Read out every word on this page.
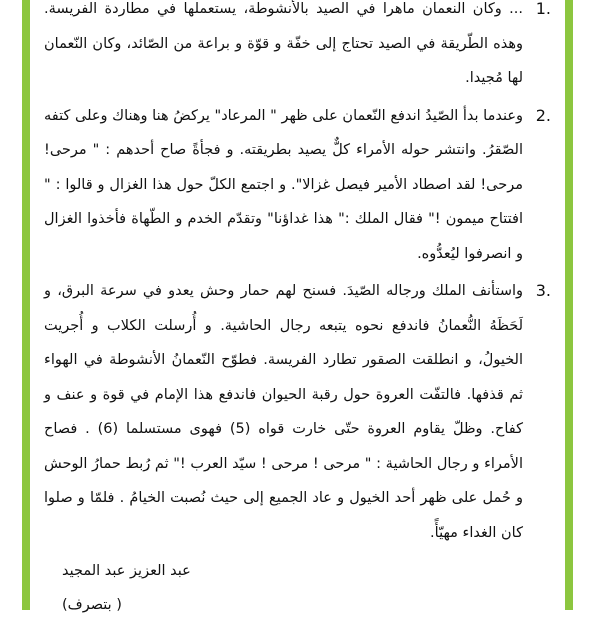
1.
... وكان النعمان ماهرا في الصيد بالأنشوطة، يستعملها في مطاردة الفريسة. وهذه الطّريقة في الصيد تحتاج إلى خفّة و قوّة و براعة من الصّائد، وكان النّعمان لها مُجيدا.

2.
وعندما بدأ الصّيدُ اندفع النّعمان على ظهر " المرعاد" يركضُ هنا وهناك وعلى كتفه الصّقرُ. وانتشر حوله الأمراء كلٌّ يصيد بطريقته. و فجأةً صاح أحدهم : " مرحى! مرحى! لقد اصطاد الأمير فيصل غزالا". و اجتمع الكلّ حول هذا الغزال و قالوا : " افتتاح ميمون !" فقال الملك :" هذا غداؤنا" وتقدّم الخدم و الطّهاة فأخذوا الغزال و انصرفوا ليُعدُّوه.

3.
واستأنف الملك ورجاله الصّيدَ. فسنح لهم حمار وحش يعدو في سرعة البرق، و لَحَظَهُ النُّعمانُ فاندفع نحوه يتبعه رجال الحاشية. و أُرسلت الكلاب و أُجريت الخيولُ، و انطلقت الصقور تطارد الفريسة. فطوّح النّعمانُ الأنشوطة في الهواء ثم قذفها. فالتفّت العروة حول رقبة الحيوان فاندفع هذا الإمام في قوة و عنف و كفاح. وظلّ يقاوم العروة حتّى خارت قواه (5) فهوى مستسلما (6) . فصاح الأمراء و رجال الحاشية : " مرحى ! مرحى ! سيّد العرب !" ثم رُبط حمارُ الوحش و حُمل على ظهر أحد الخيول و عاد الجميع إلى حيث نُصبت الخيامُ . فلمّا و صلوا كان الغداء مهيّأً.

عبد العزيز عبد المجيد
( بتصرف)
